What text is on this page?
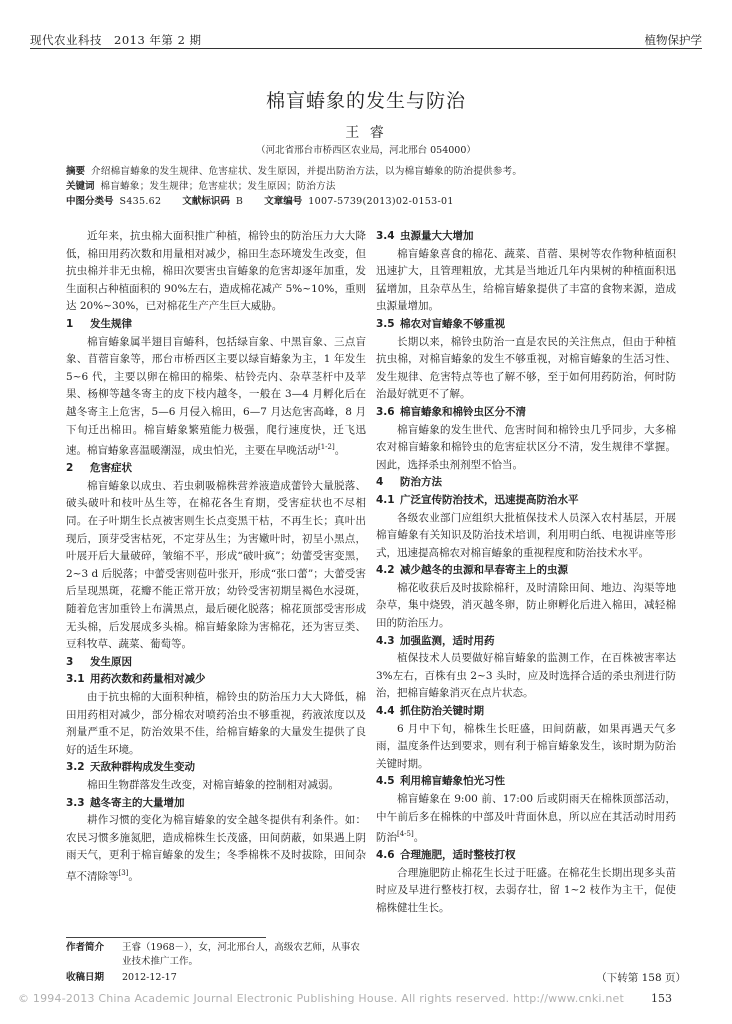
现代农业科技　2013 年第 2 期	植物保护学
棉盲蝽象的发生与防治
王 睿
（河北省邢台市桥西区农业局，河北邢台 054000）
摘要 介绍棉盲蝽象的发生规律、危害症状、发生原因，并提出防治方法，以为棉盲蝽象的防治提供参考。
关键词 棉盲蝽象；发生规律；危害症状；发生原因；防治方法
中图分类号 S435.62 文献标识码 B 文章编号 1007-5739(2013)02-0153-01

近年来，抗虫棉大面积推广种植，棉铃虫的防治压力大大降低，棉田用药次数和用量相对减少，棉田生态环境发生改变，但抗虫棉并非无虫棉，棉田次要害虫盲蝽象的危害却逐年加重，发生面积占种植面积的 90%左右，造成棉花减产 5%~10%，重则达 20%~30%，已对棉花生产产生巨大威胁。

1 发生规律

棉盲蝽象属半翅目盲蝽科，包括绿盲象、中黑盲象、三点盲象、苜蓿盲象等，邢台市桥西区主要以绿盲蝽象为主，1 年发生 5~6 代，主要以卵在棉田的棉柴、枯铃壳内、杂草茎杆中及苹果、杨柳等越冬寄主的皮下枝内越冬，一般在 3—4 月孵化后在越冬寄主上危害，5—6 月侵入棉田，6—7 月达危害高峰，8 月下旬迁出棉田。棉盲蝽象繁殖能力极强，爬行速度快，迁飞迅速。棉盲蝽象喜温暖潮湿，成虫怕光，主要在早晚活动[1-2]。

2 危害症状

棉盲蝽象以成虫、若虫刺吸棉株营养液造成蕾铃大量脱落、破头破叶和枝叶丛生等，在棉花各生育期，受害症状也不尽相同。在子叶期生长点被害则生长点变黑干枯，不再生长；真叶出现后，顶芽受害枯死，不定芽丛生；为害嫩叶时，初呈小黑点，叶展开后大量破碎，皱缩不平，形成“破叶疯”；幼蕾受害变黑，2~3 d 后脱落；中蕾受害则苞叶张开，形成“张口蕾”；大蕾受害后呈现黑斑，花瓣不能正常开放；幼铃受害初期呈褐色水浸斑，随着危害加重铃上布满黑点，最后硬化脱落；棉花顶部受害形成无头棉，后发展成多头棉。棉盲蝽象除为害棉花，还为害豆类、豆科牧草、蔬菜、葡萄等。

3 发生原因
3.1 用药次数和药量相对减少

由于抗虫棉的大面积种植，棉铃虫的防治压力大大降低，棉田用药相对减少，部分棉农对喷药治虫不够重视，药液浓度以及剂量严重不足，防治效果不佳，给棉盲蝽象的大量发生提供了良好的适生环境。

3.2 天敌种群构成发生变动

棉田生物群落发生改变，对棉盲蝽象的控制相对减弱。

3.3 越冬寄主的大量增加

耕作习惯的变化为棉盲蝽象的安全越冬提供有利条件。如：农民习惯多施氮肥，造成棉株生长茂盛，田间荫蔽，如果遇上阴雨天气，更利于棉盲蝽象的发生；冬季棉株不及时拔除，田间杂草不清除等[3]。

3.4 虫源量大大增加

棉盲蝽象喜食的棉花、蔬菜、苜蓿、果树等农作物种植面积迅速扩大，且管理粗放，尤其是当地近几年内果树的种植面积迅猛增加，且杂草丛生，给棉盲蝽象提供了丰富的食物来源，造成虫源量增加。

3.5 棉农对盲蝽象不够重视

长期以来，棉铃虫防治一直是农民的关注焦点，但由于种植抗虫棉，对棉盲蝽象的发生不够重视，对棉盲蝽象的生活习性、发生规律、危害特点等也了解不够，至于如何用药防治，何时防治最好就更不了解。

3.6 棉盲蝽象和棉铃虫区分不清

棉盲蝽象的发生世代、危害时间和棉铃虫几乎同步，大多棉农对棉盲蝽象和棉铃虫的危害症状区分不清，发生规律不掌握。因此，选择杀虫剂剂型不恰当。

4 防治方法
4.1 广泛宣传防治技术，迅速提高防治水平

各级农业部门应组织大批植保技术人员深入农村基层，开展棉盲蝽象有关知识及防治技术培训，利用明白纸、电视讲座等形式，迅速提高棉农对棉盲蝽象的重视程度和防治技术水平。

4.2 减少越冬的虫源和早春寄主上的虫源

棉花收获后及时拔除棉秆，及时清除田间、地边、沟渠等地杂草，集中烧毁，消灭越冬卵，防止卵孵化后进入棉田，减轻棉田的防治压力。

4.3 加强监测，适时用药

植保技术人员要做好棉盲蝽象的监测工作，在百株被害率达 3%左右，百株有虫 2~3 头时，应及时选择合适的杀虫剂进行防治，把棉盲蝽象消灭在点片状态。

4.4 抓住防治关键时期

6 月中下旬，棉株生长旺盛，田间荫蔽，如果再遇天气多雨，温度条件达到要求，则有利于棉盲蝽象发生，该时期为防治关键时期。

4.5 利用棉盲蝽象怕光习性

棉盲蝽象在 9:00 前、17:00 后或阴雨天在棉株顶部活动，中午前后多在棉株的中部及叶背面休息，所以应在其活动时用药防治[4-5]。

4.6 合理施肥，适时整枝打杈

合理施肥防止棉花生长过于旺盛。在棉花生长期出现多头苗时应及早进行整枝打杈，去弱存壮，留 1~2 枝作为主干，促使棉株健壮生长。

作者简介 王睿（1968－），女，河北邢台人，高级农艺师，从事农业技术推广工作。
收稿日期 2012-12-17	（下转第 158 页）
© 1994-2013 China Academic Journal Electronic Publishing House. All rights reserved. http://www.cnki.net 153
